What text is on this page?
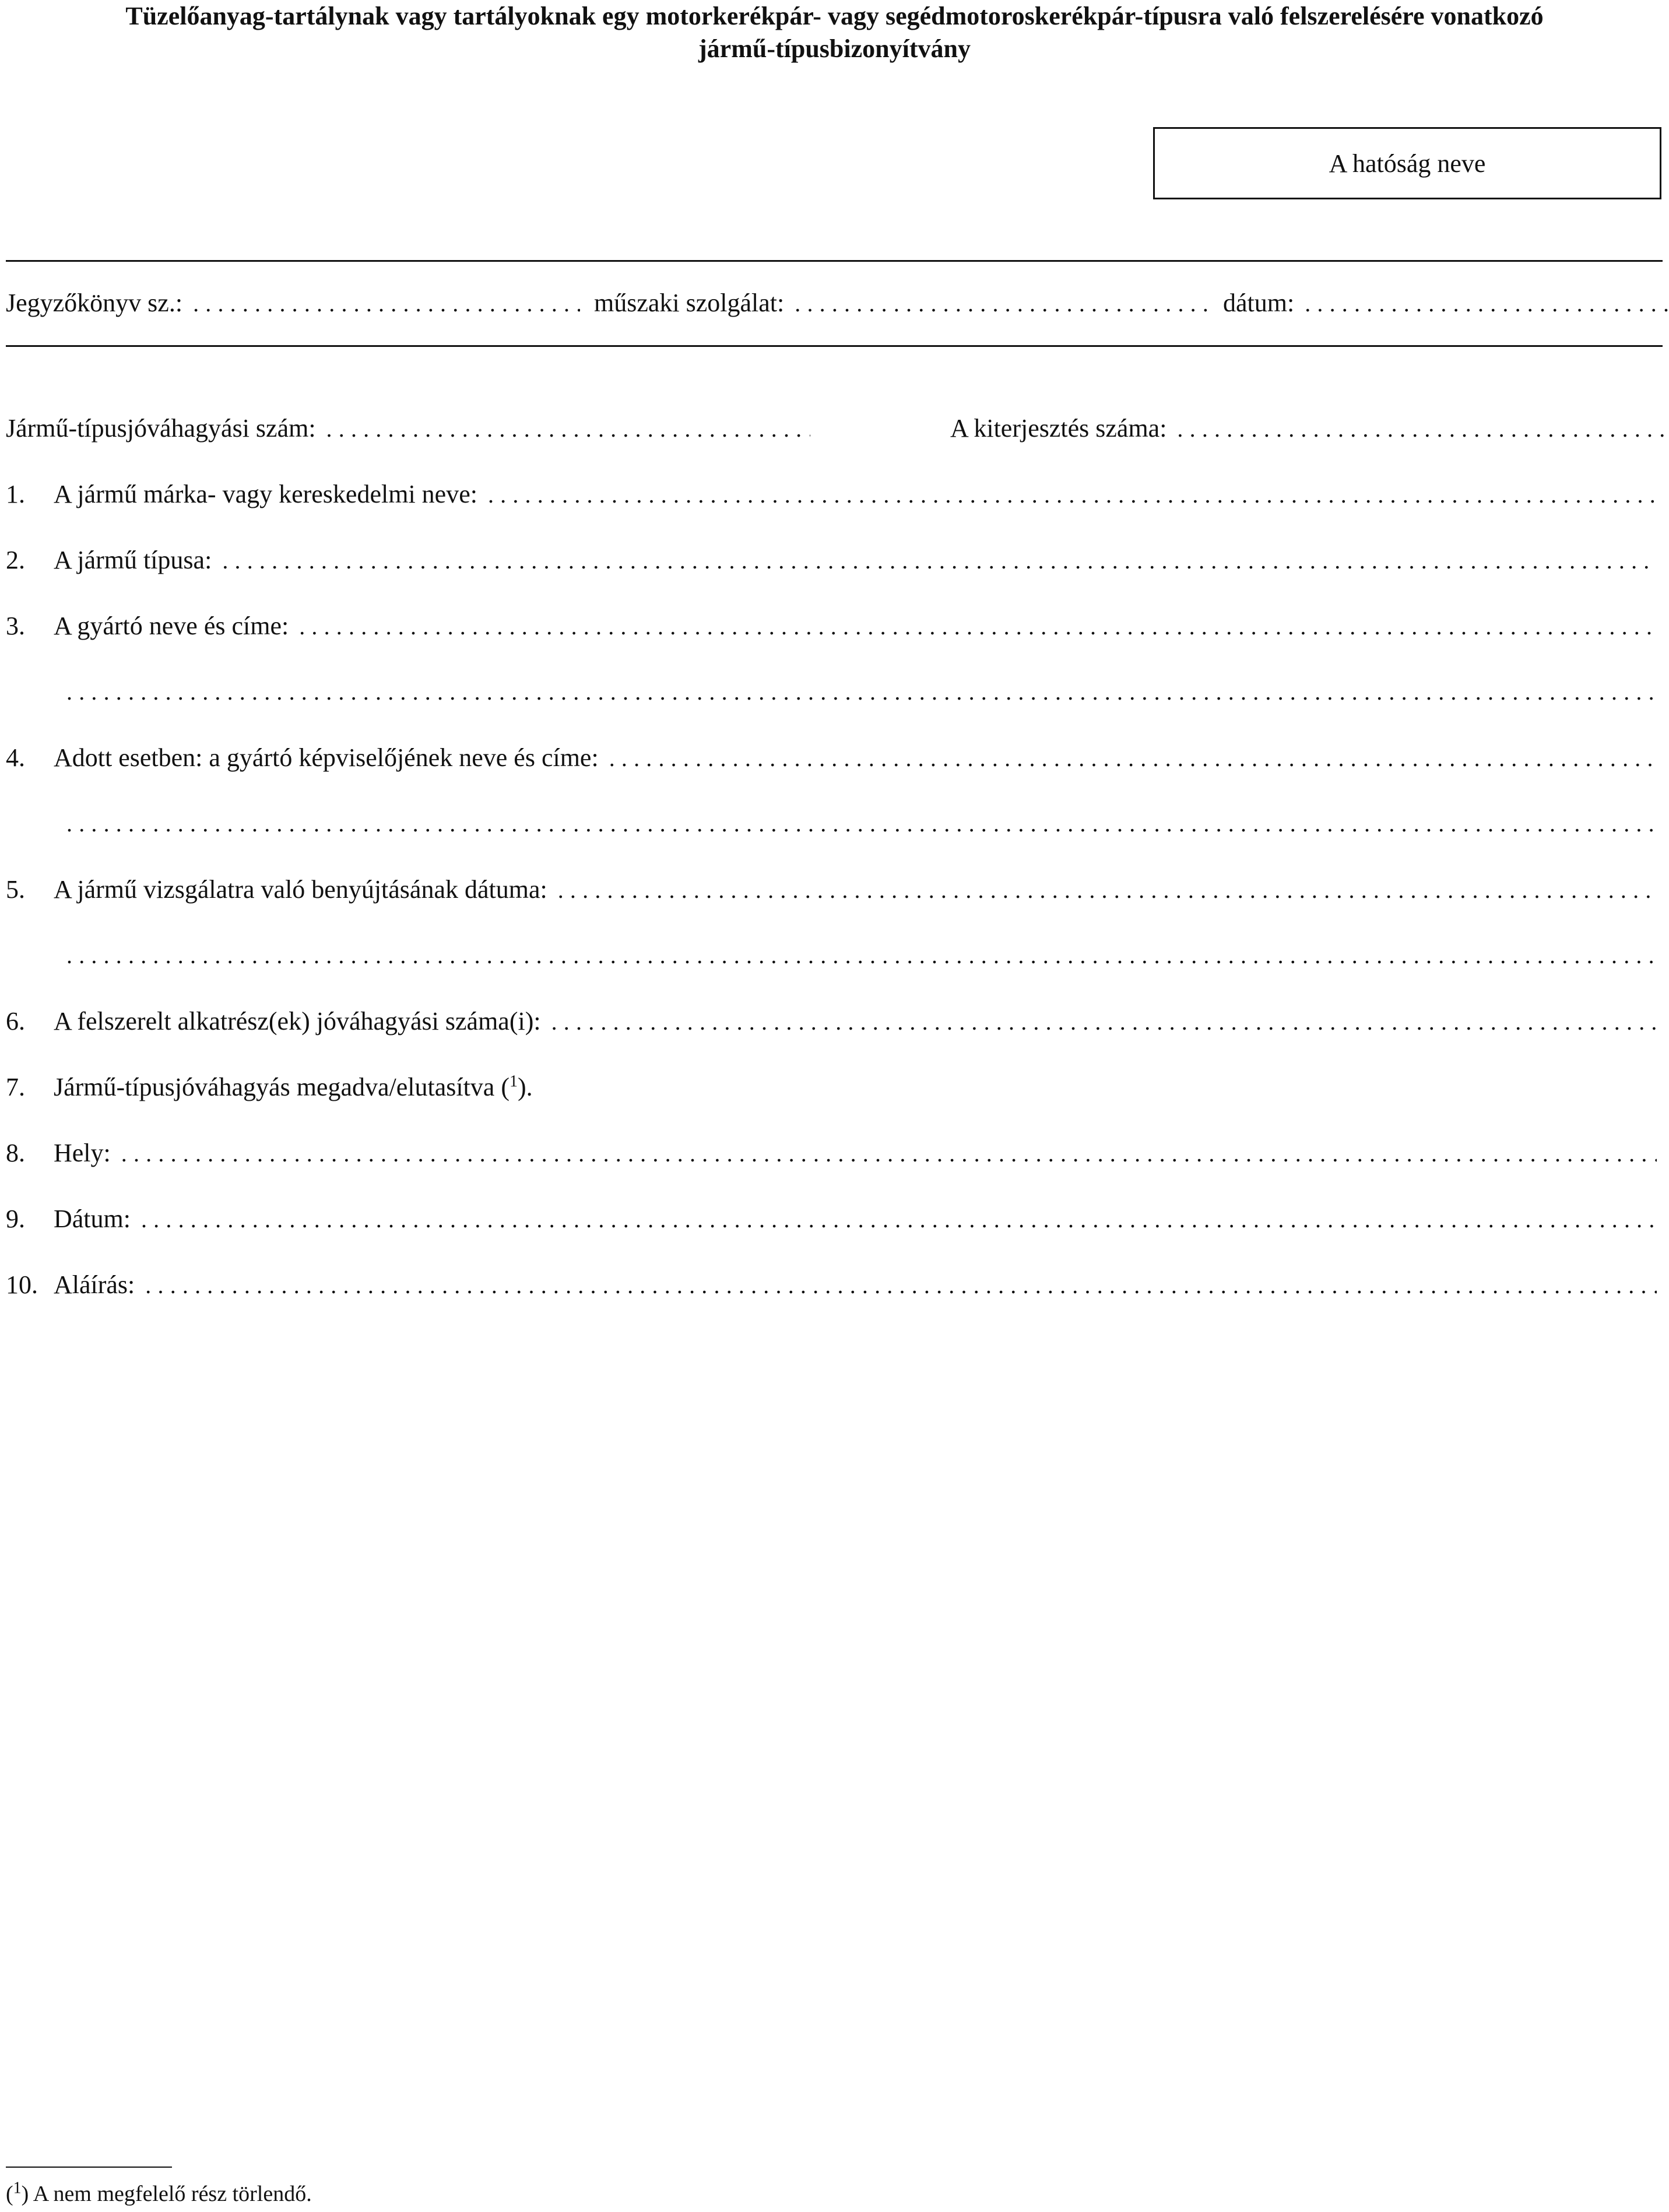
Tüzelőanyag-tartálynak vagy tartályoknak egy motorkerékpár- vagy segédmotoroskerékpár-típusra való felszerelésére vonatkozó
jármű-típusbizonyítvány
A hatóság neve
Jegyzőkönyv sz.: .....	műszaki szolgálat: .....	dátum:
.....
Jármű-típusjóváhagyási szám: .....	A kiterjesztés száma:
.....
1.	A jármű márka- vagy kereskedelmi neve:
.....
2.	A jármű típusa:
.....
3.	A gyártó neve és címe:
.....
.....
4.	Adott esetben: a gyártó képviselőjének neve és címe:
.....
.....
5.	A jármű vizsgálatra való benyújtásának dátuma:
.....
.....
6.	A felszerelt alkatrész(ek) jóváhagyási száma(i):
.....
7.	Jármű-típusjóváhagyás megadva/elutasítva ($^1$).
8.	Hely:
.....
9.	Dátum:
.....
10. Aláírás:
.....
($^1$) A nem megfelelő rész törlendő.
